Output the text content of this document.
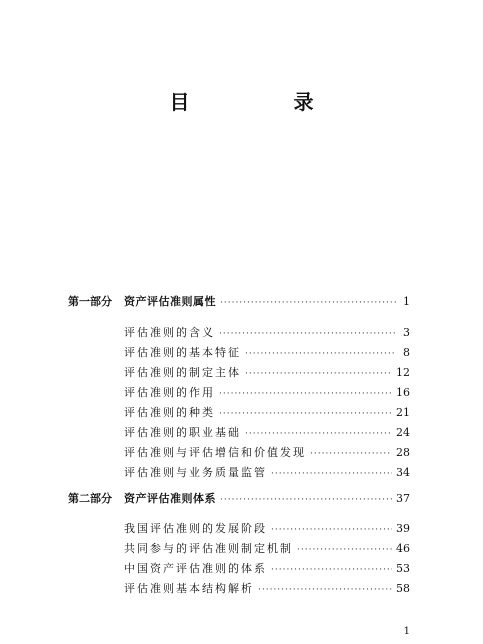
目　录
第一部分	资产评估准则属性 ·····	1
评估准则的含义 ·····	3
评估准则的基本特征 ·····	8
评估准则的制定主体 ·····	12
评估准则的作用 ·····	16
评估准则的种类 ·····	21
评估准则的职业基础 ·····	24
评估准则与评估增信和价值发现 ·····	28
评估准则与业务质量监管 ·····	34
第二部分	资产评估准则体系 ·····	37
我国评估准则的发展阶段 ·····	39
共同参与的评估准则制定机制 ·····	46
中国资产评估准则的体系 ·····	53
评估准则基本结构解析 ·····	58
1
